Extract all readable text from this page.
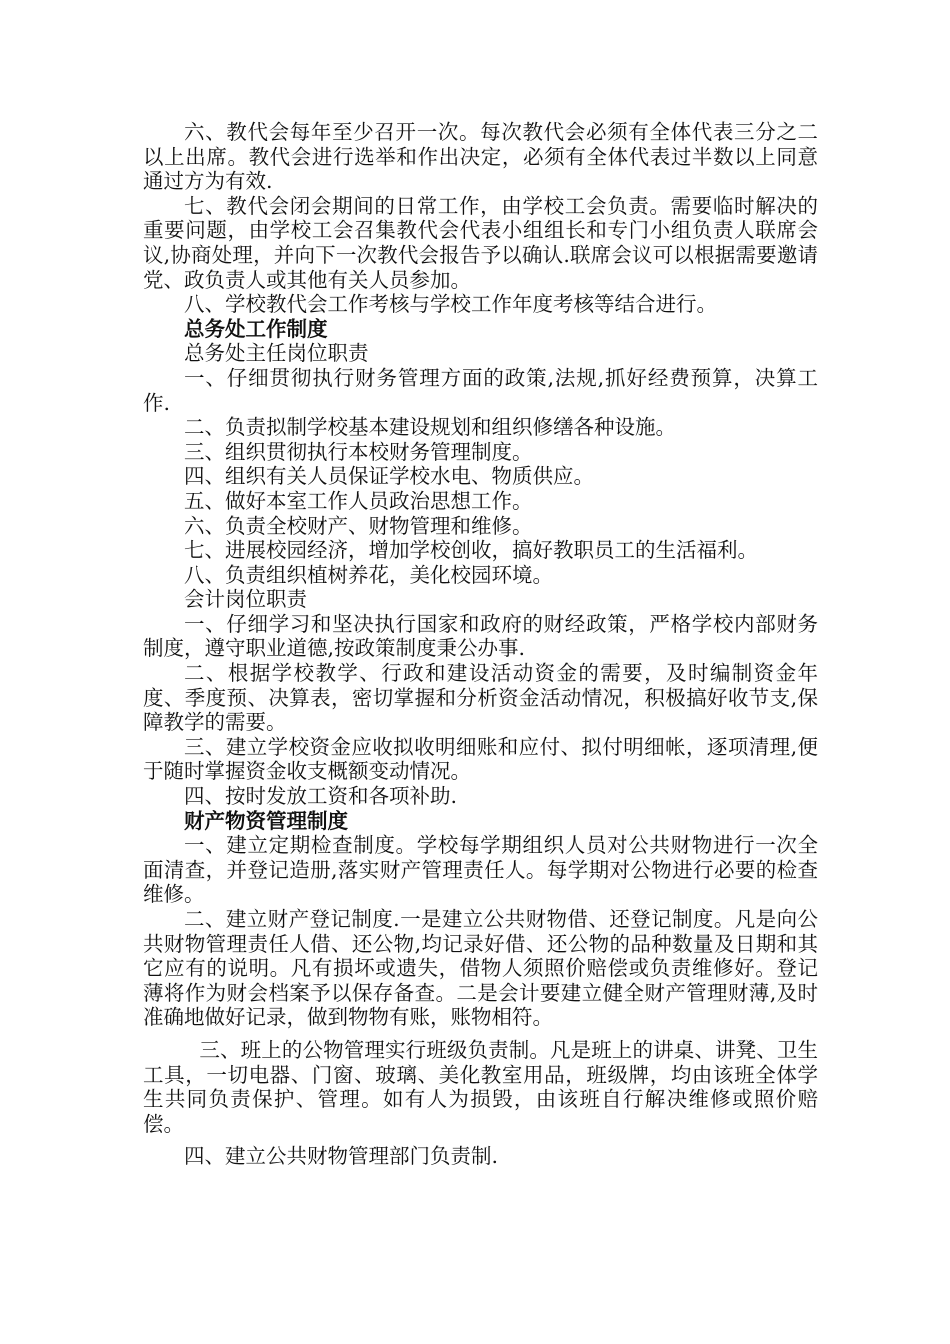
六、教代会每年至少召开一次。每次教代会必须有全体代表三分之二以上出席。教代会进行选举和作出决定，必须有全体代表过半数以上同意通过方为有效.

七、教代会闭会期间的日常工作，由学校工会负责。需要临时解决的重要问题，由学校工会召集教代会代表小组组长和专门小组负责人联席会议,协商处理，并向下一次教代会报告予以确认.联席会议可以根据需要邀请党、政负责人或其他有关人员参加。

八、学校教代会工作考核与学校工作年度考核等结合进行。

总务处工作制度

总务处主任岗位职责

一、仔细贯彻执行财务管理方面的政策,法规,抓好经费预算，决算工作.

二、负责拟制学校基本建设规划和组织修缮各种设施。

三、组织贯彻执行本校财务管理制度。

四、组织有关人员保证学校水电、物质供应。

五、做好本室工作人员政治思想工作。

六、负责全校财产、财物管理和维修。

七、进展校园经济，增加学校创收，搞好教职员工的生活福利。

八、负责组织植树养花，美化校园环境。

会计岗位职责

一、仔细学习和坚决执行国家和政府的财经政策，严格学校内部财务制度，遵守职业道德,按政策制度秉公办事.

二、根据学校教学、行政和建设活动资金的需要，及时编制资金年度、季度预、决算表，密切掌握和分析资金活动情况，积极搞好收节支,保障教学的需要。

三、建立学校资金应收拟收明细账和应付、拟付明细帐，逐项清理,便于随时掌握资金收支概额变动情况。

四、按时发放工资和各项补助.

财产物资管理制度

一、建立定期检查制度。学校每学期组织人员对公共财物进行一次全面清查，并登记造册,落实财产管理责任人。每学期对公物进行必要的检查维修。

二、建立财产登记制度.一是建立公共财物借、还登记制度。凡是向公共财物管理责任人借、还公物,均记录好借、还公物的品种数量及日期和其它应有的说明。凡有损坏或遗失，借物人须照价赔偿或负责维修好。登记薄将作为财会档案予以保存备查。二是会计要建立健全财产管理财薄,及时准确地做好记录，做到物物有账，账物相符。

三、班上的公物管理实行班级负责制。凡是班上的讲桌、讲凳、卫生工具，一切电器、门窗、玻璃、美化教室用品，班级牌，均由该班全体学生共同负责保护、管理。如有人为损毁，由该班自行解决维修或照价赔偿。

四、建立公共财物管理部门负责制.
